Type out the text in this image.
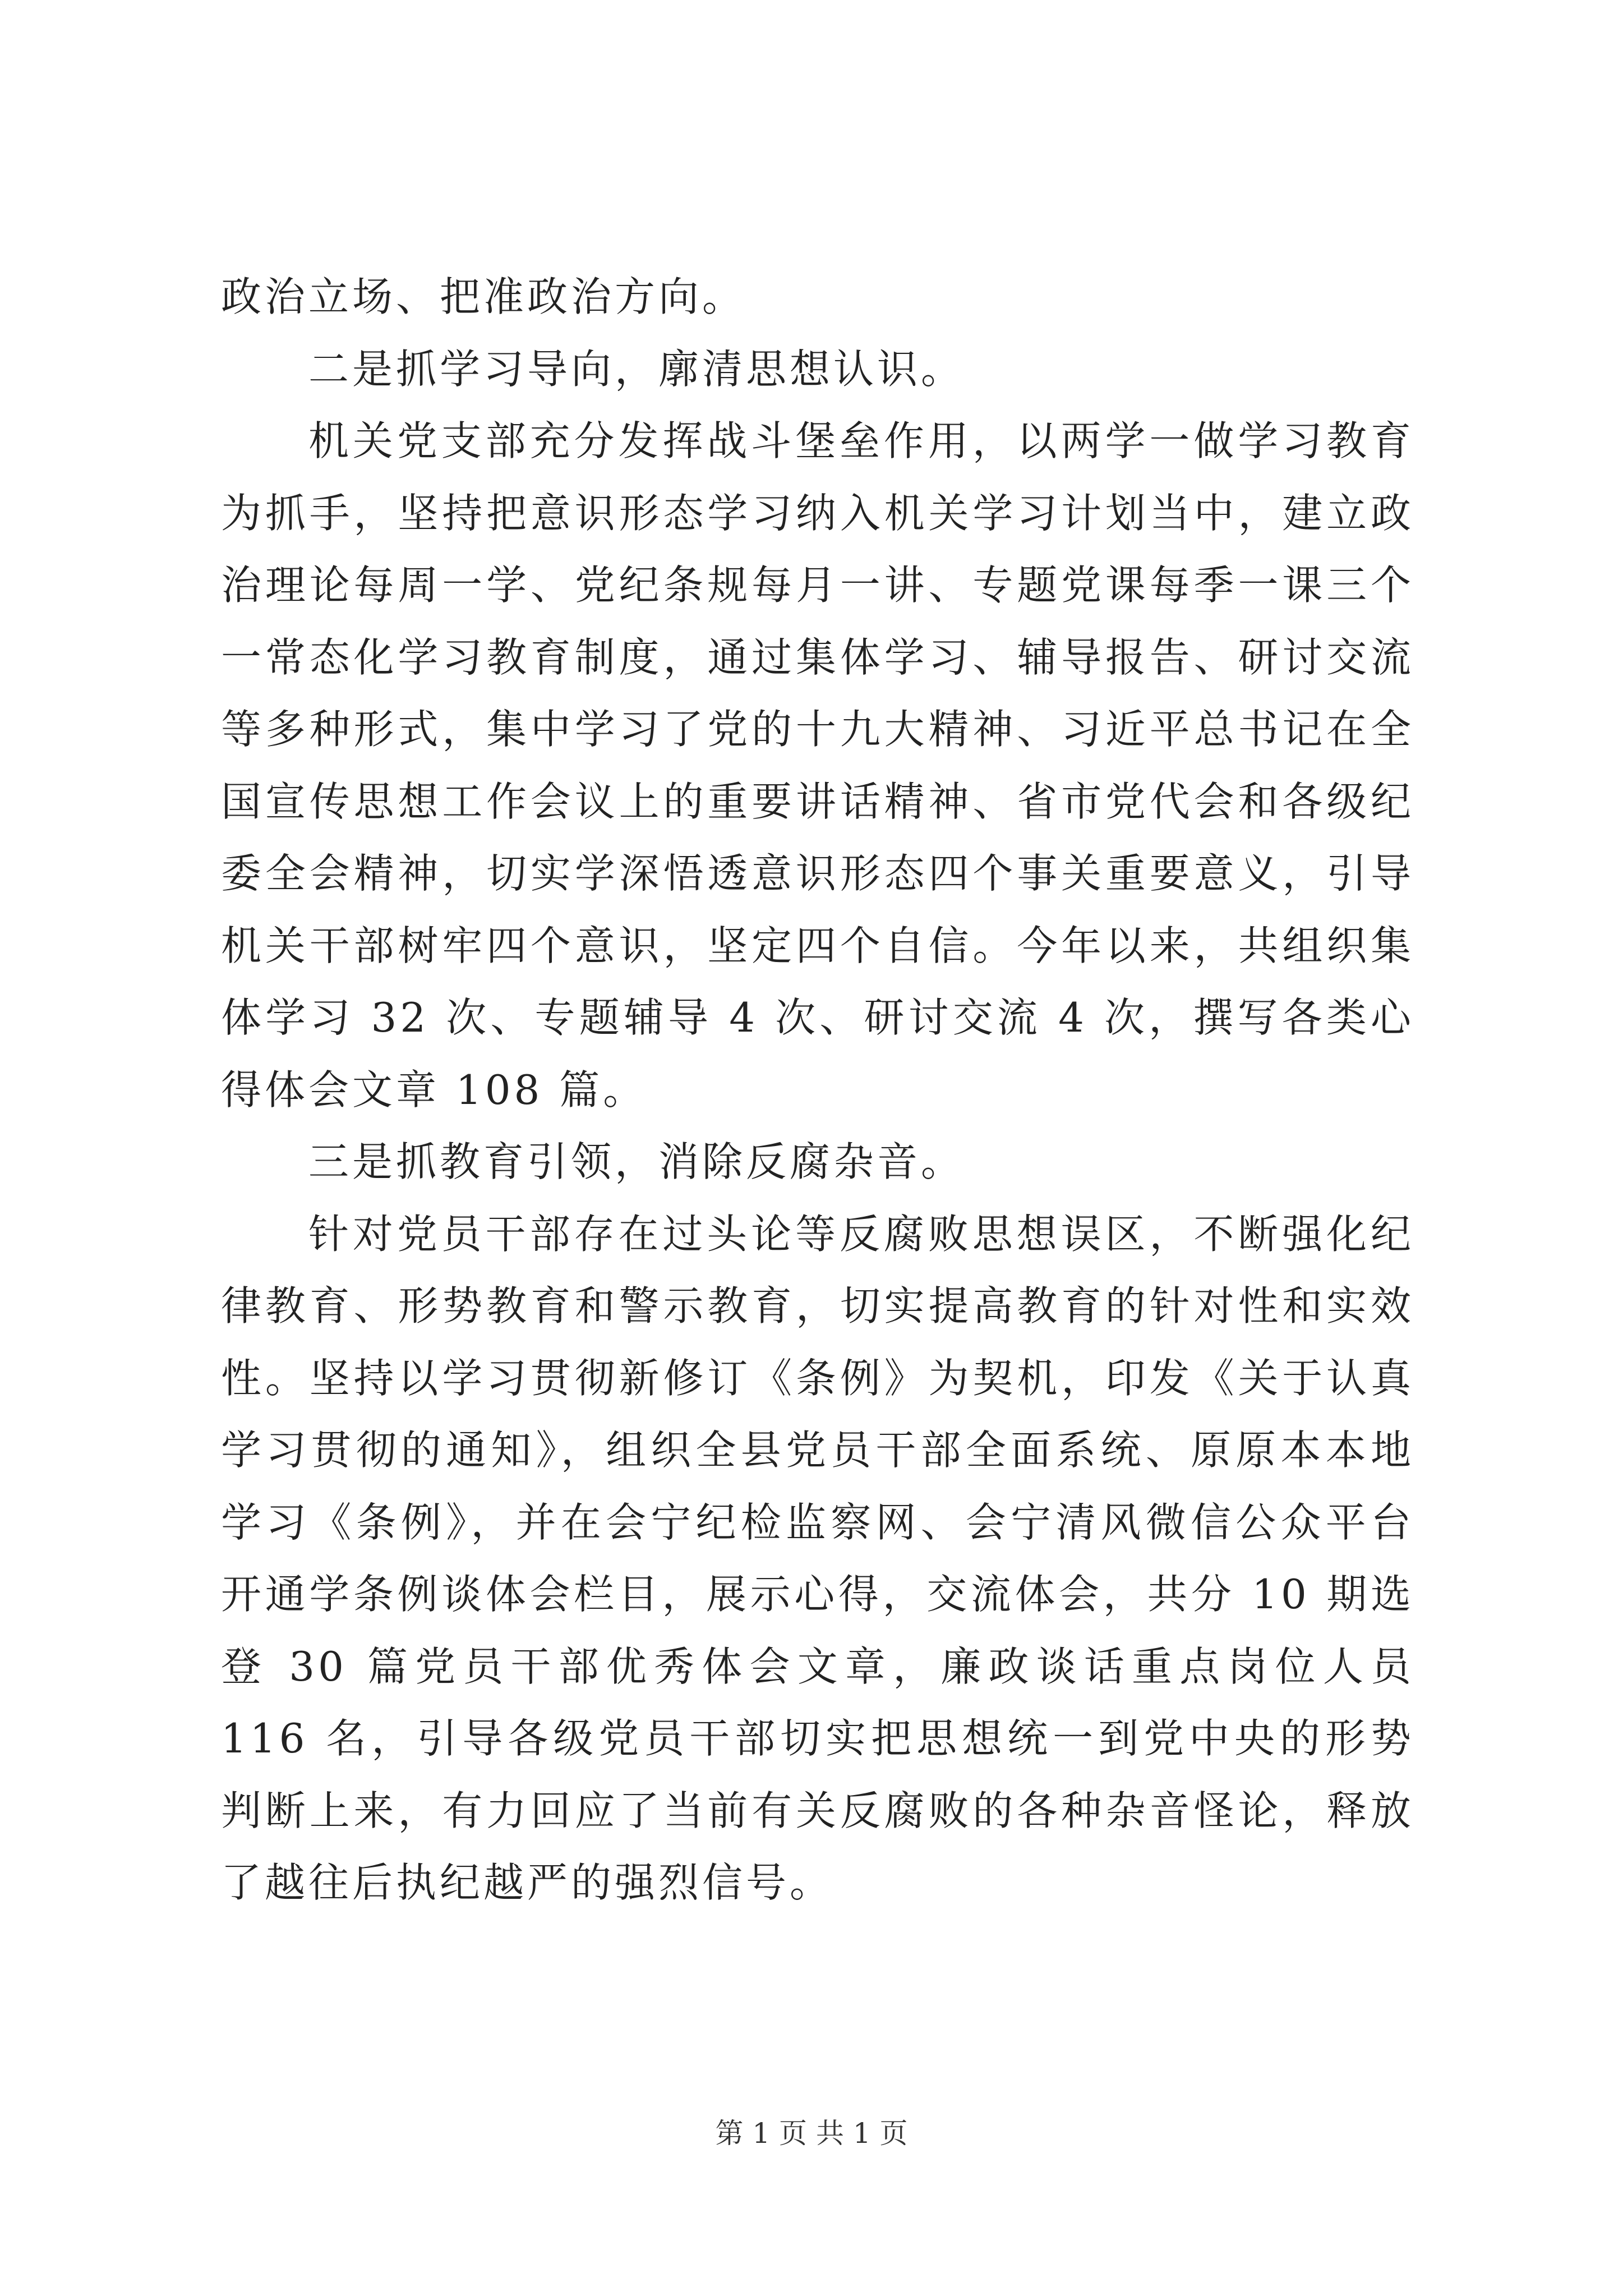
政治立场、把准政治方向。

二是抓学习导向，廓清思想认识。

机关党支部充分发挥战斗堡垒作用，以两学一做学习教育为抓手，坚持把意识形态学习纳入机关学习计划当中，建立政治理论每周一学、党纪条规每月一讲、专题党课每季一课三个一常态化学习教育制度，通过集体学习、辅导报告、研讨交流等多种形式，集中学习了党的十九大精神、习近平总书记在全国宣传思想工作会议上的重要讲话精神、省市党代会和各级纪委全会精神，切实学深悟透意识形态四个事关重要意义，引导机关干部树牢四个意识，坚定四个自信。今年以来，共组织集体学习 32 次、专题辅导 4 次、研讨交流 4 次，撰写各类心得体会文章 108 篇。

三是抓教育引领，消除反腐杂音。

针对党员干部存在过头论等反腐败思想误区，不断强化纪律教育、形势教育和警示教育，切实提高教育的针对性和实效性。坚持以学习贯彻新修订《条例》为契机，印发《关于认真学习贯彻的通知》，组织全县党员干部全面系统、原原本本地学习《条例》，并在会宁纪检监察网、会宁清风微信公众平台开通学条例谈体会栏目，展示心得，交流体会，共分 10 期选登 30 篇党员干部优秀体会文章，廉政谈话重点岗位人员 116 名，引导各级党员干部切实把思想统一到党中央的形势判断上来，有力回应了当前有关反腐败的各种杂音怪论，释放了越往后执纪越严的强烈信号。

第 1 页 共 1 页
